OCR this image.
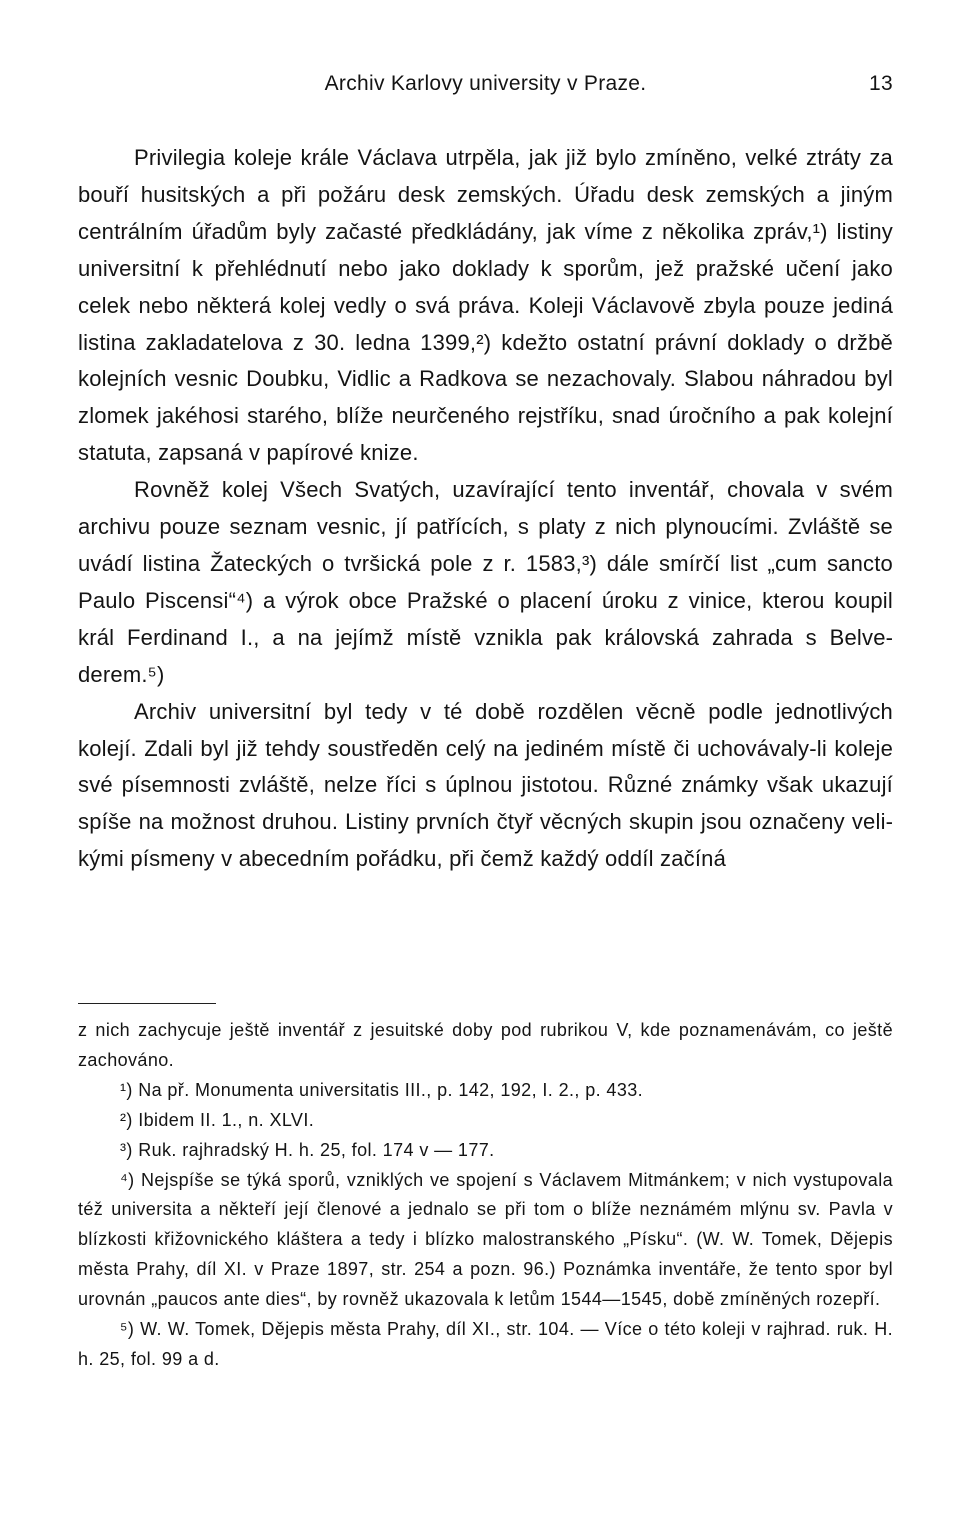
Archiv Karlovy university v Praze.	13

Privilegia koleje krále Václava utrpěla, jak již bylo zmíněno, velké ztráty za bouří husitských a při požáru desk zemských. Úřadu desk zemských a jiným centrálním úřadům byly začasté předkládány, jak víme z několika zpráv,¹) listiny universitní k přehlédnutí nebo jako doklady k sporům, jež pražské učení jako celek nebo některá kolej vedly o svá práva. Koleji Václavově zbyla pouze jediná listina zakladatelova z 30. ledna 1399,²) kdežto ostatní právní doklady o držbě kolejních vesnic Doubku, Vidlic a Radkova se nezachovaly. Slabou náhradou byl zlomek jakéhosi starého, blíže neurčeného rejstříku, snad úročního a pak kolejní statuta, zapsaná v papírové knize.

Rovněž kolej Všech Svatých, uzavírající tento inventář, chovala v svém archivu pouze seznam vesnic, jí patřících, s platy z nich plynoucími. Zvláště se uvádí listina Žateckých o tvršická pole z r. 1583,³) dále smírčí list „cum sancto Paulo Piscensi“⁴) a výrok obce Pražské o placení úroku z vinice, kterou koupil král Ferdinand I., a na jejímž místě vznikla pak královská zahrada s Belvederem.⁵)

Archiv universitní byl tedy v té době rozdělen věcně podle jednotlivých kolejí. Zdali byl již tehdy soustředěn celý na jediném místě či uchovávaly-li koleje své písemnosti zvláště, nelze říci s úplnou jistotou. Různé známky však ukazují spíše na možnost druhou. Listiny prvních čtyř věcných skupin jsou označeny velikými písmeny v abecedním pořádku, při čemž každý oddíl začíná

z nich zachycuje ještě inventář z jesuitské doby pod rubrikou V, kde poznamenávám, co ještě zachováno.

¹) Na př. Monumenta universitatis III., p. 142, 192, I. 2., p. 433.

²) Ibidem II. 1., n. XLVI.

³) Ruk. rajhradský H. h. 25, fol. 174 v — 177.

⁴) Nejspíše se týká sporů, vzniklých ve spojení s Václavem Mitmánkem; v nich vystupovala též universita a někteří její členové a jednalo se při tom o blíže neznámém mlýnu sv. Pavla v blízkosti křižovnického kláštera a tedy i blízko malostranského „Písku“. (W. W. Tomek, Dějepis města Prahy, díl XI. v Praze 1897, str. 254 a pozn. 96.) Poznámka inventáře, že tento spor byl urovnán „paucos ante dies“, by rovněž ukazovala k letům 1544—1545, době zmíněných rozepří.

⁵) W. W. Tomek, Dějepis města Prahy, díl XI., str. 104. — Více o této koleji v rajhrad. ruk. H. h. 25, fol. 99 a d.
